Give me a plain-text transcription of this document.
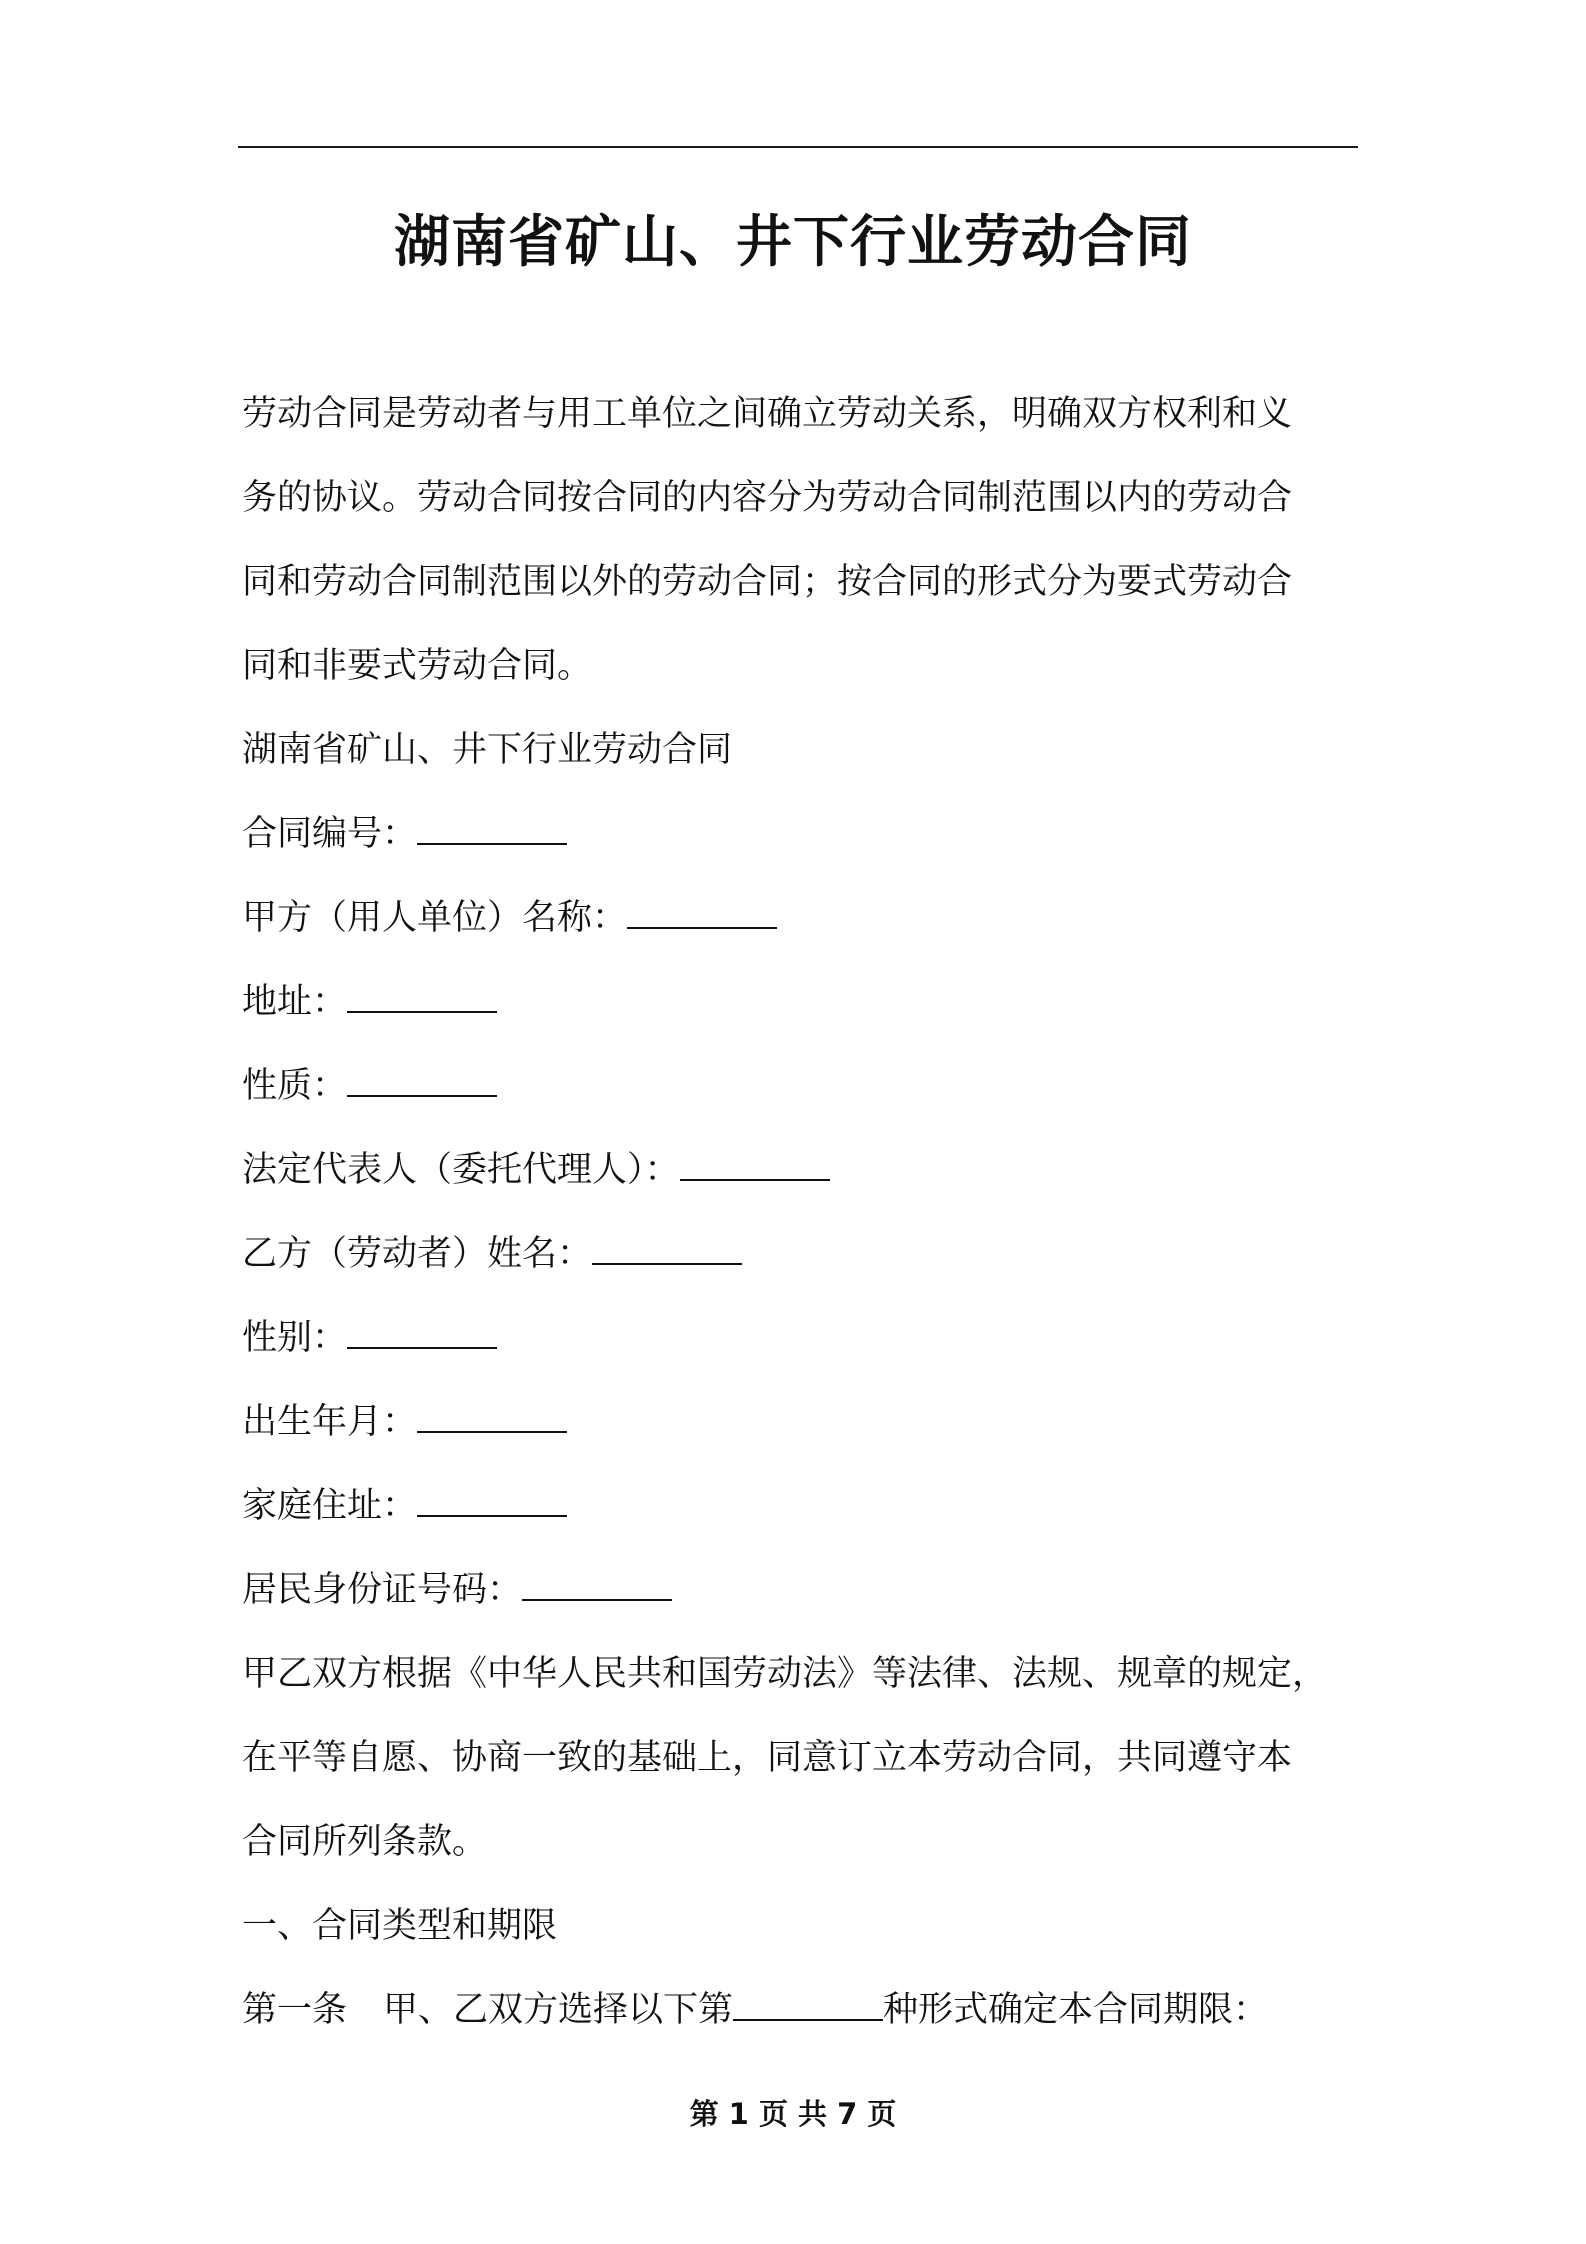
湖南省矿山、井下行业劳动合同

劳动合同是劳动者与用工单位之间确立劳动关系，明确双方权利和义

务的协议。劳动合同按合同的内容分为劳动合同制范围以内的劳动合

同和劳动合同制范围以外的劳动合同；按合同的形式分为要式劳动合

同和非要式劳动合同。

湖南省矿山、井下行业劳动合同

合同编号：

甲方（用人单位）名称：

地址：

性质：

法定代表人（委托代理人）：

乙方（劳动者）姓名：

性别：

出生年月：

家庭住址：

居民身份证号码：

甲乙双方根据《中华人民共和国劳动法》等法律、法规、规章的规定，

在平等自愿、协商一致的基础上，同意订立本劳动合同，共同遵守本

合同所列条款。

一、合同类型和期限

第一条 甲、乙双方选择以下第	种形式确定本合同期限：

第 1 页 共 7 页
